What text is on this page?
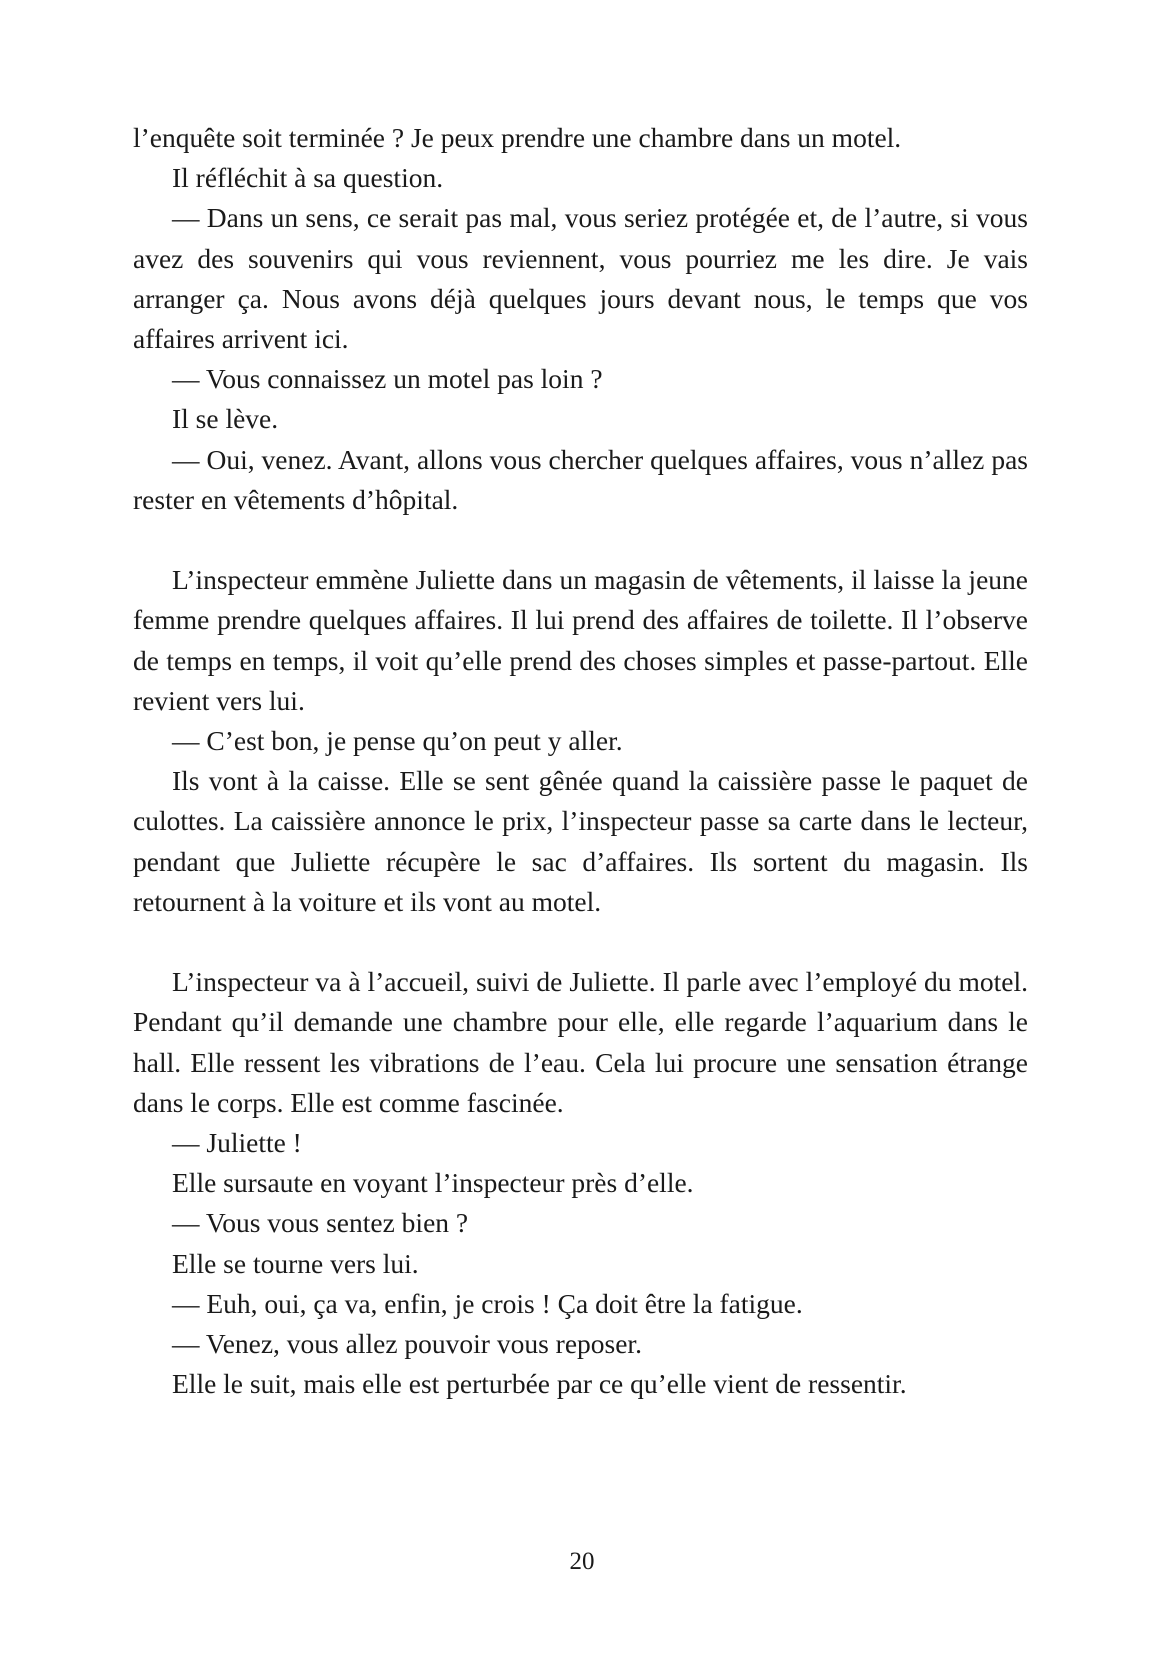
l’enquête soit terminée ? Je peux prendre une chambre dans un motel.

Il réfléchit à sa question.

— Dans un sens, ce serait pas mal, vous seriez protégée et, de l’autre, si vous avez des souvenirs qui vous reviennent, vous pourriez me les dire. Je vais arranger ça. Nous avons déjà quelques jours devant nous, le temps que vos affaires arrivent ici.

— Vous connaissez un motel pas loin ?

Il se lève.

— Oui, venez. Avant, allons vous chercher quelques affaires, vous n’allez pas rester en vêtements d’hôpital.

L’inspecteur emmène Juliette dans un magasin de vêtements, il laisse la jeune femme prendre quelques affaires. Il lui prend des affaires de toilette. Il l’observe de temps en temps, il voit qu’elle prend des choses simples et passe-partout. Elle revient vers lui.

— C’est bon, je pense qu’on peut y aller.

Ils vont à la caisse. Elle se sent gênée quand la caissière passe le paquet de culottes. La caissière annonce le prix, l’inspecteur passe sa carte dans le lecteur, pendant que Juliette récupère le sac d’affaires. Ils sortent du magasin. Ils retournent à la voiture et ils vont au motel.

L’inspecteur va à l’accueil, suivi de Juliette. Il parle avec l’employé du motel. Pendant qu’il demande une chambre pour elle, elle regarde l’aquarium dans le hall. Elle ressent les vibrations de l’eau. Cela lui procure une sensation étrange dans le corps. Elle est comme fascinée.

— Juliette !

Elle sursaute en voyant l’inspecteur près d’elle.

— Vous vous sentez bien ?

Elle se tourne vers lui.

— Euh, oui, ça va, enfin, je crois ! Ça doit être la fatigue.

— Venez, vous allez pouvoir vous reposer.

Elle le suit, mais elle est perturbée par ce qu’elle vient de ressentir.

20
